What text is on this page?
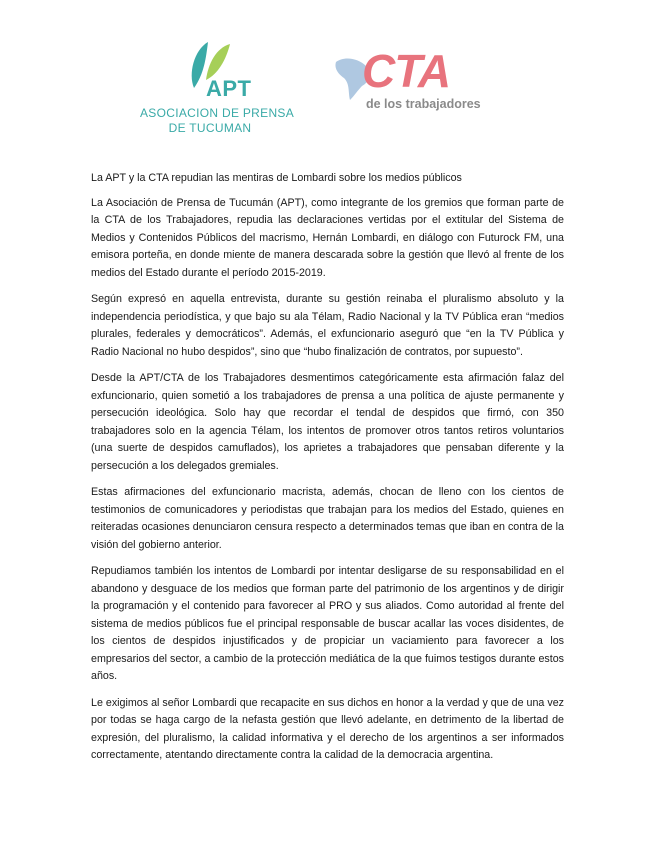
APT
ASOCIACION DE PRENSA
DE TUCUMAN
CTA
de los trabajadores

La APT y la CTA repudian las mentiras de Lombardi sobre los medios públicos

La Asociación de Prensa de Tucumán (APT), como integrante de los gremios que forman parte de la CTA de los Trabajadores, repudia las declaraciones vertidas por el extitular del Sistema de Medios y Contenidos Públicos del macrismo, Hernán Lombardi, en diálogo con Futurock FM, una emisora porteña, en donde miente de manera descarada sobre la gestión que llevó al frente de los medios del Estado durante el período 2015-2019.

Según expresó en aquella entrevista, durante su gestión reinaba el pluralismo absoluto y la independencia periodística, y que bajo su ala Télam, Radio Nacional y la TV Pública eran “medios plurales, federales y democráticos”. Además, el exfuncionario aseguró que “en la TV Pública y Radio Nacional no hubo despidos”, sino que “hubo finalización de contratos, por supuesto”.

Desde la APT/CTA de los Trabajadores desmentimos categóricamente esta afirmación falaz del exfuncionario, quien sometió a los trabajadores de prensa a una política de ajuste permanente y persecución ideológica. Solo hay que recordar el tendal de despidos que firmó, con 350 trabajadores solo en la agencia Télam, los intentos de promover otros tantos retiros voluntarios (una suerte de despidos camuflados), los aprietes a trabajadores que pensaban diferente y la persecución a los delegados gremiales.

Estas afirmaciones del exfuncionario macrista, además, chocan de lleno con los cientos de testimonios de comunicadores y periodistas que trabajan para los medios del Estado, quienes en reiteradas ocasiones denunciaron censura respecto a determinados temas que iban en contra de la visión del gobierno anterior.

Repudiamos también los intentos de Lombardi por intentar desligarse de su responsabilidad en el abandono y desguace de los medios que forman parte del patrimonio de los argentinos y de dirigir la programación y el contenido para favorecer al PRO y sus aliados. Como autoridad al frente del sistema de medios públicos fue el principal responsable de buscar acallar las voces disidentes, de los cientos de despidos injustificados y de propiciar un vaciamiento para favorecer a los empresarios del sector, a cambio de la protección mediática de la que fuimos testigos durante estos años.

Le exigimos al señor Lombardi que recapacite en sus dichos en honor a la verdad y que de una vez por todas se haga cargo de la nefasta gestión que llevó adelante, en detrimento de la libertad de expresión, del pluralismo, la calidad informativa y el derecho de los argentinos a ser informados correctamente, atentando directamente contra la calidad de la democracia argentina.
